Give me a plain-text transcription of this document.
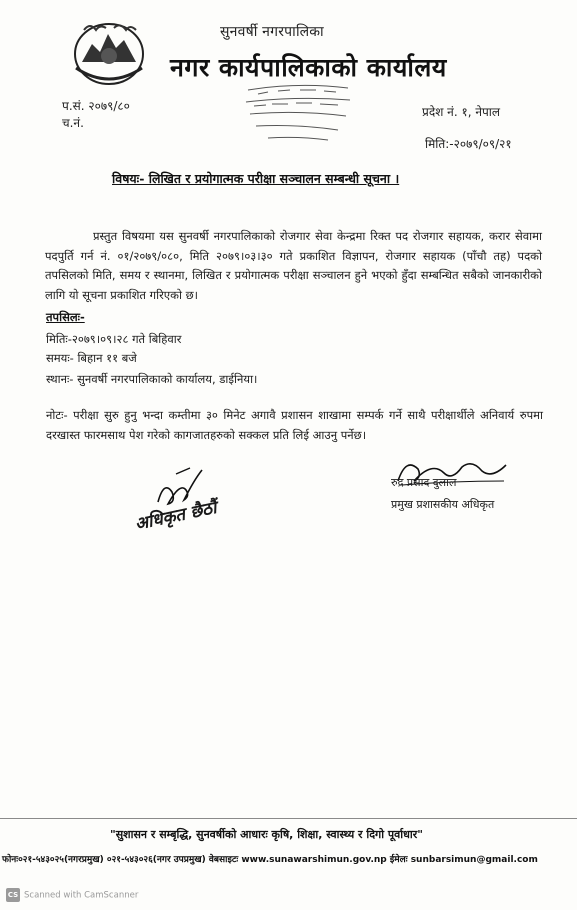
सुनवर्षी नगरपालिका
नगर कार्यपालिकाको कार्यालय
प.सं. २०७९/८०
च.नं.
प्रदेश नं. १, नेपाल
मिति:-२०७९/०९/२१
विषयः- लिखित र प्रयोगात्मक परीक्षा सञ्चालन सम्बन्धी सूचना ।
प्रस्तुत विषयमा यस सुनवर्षी नगरपालिकाको रोजगार सेवा केन्द्रमा रिक्त पद रोजगार सहायक, करार सेवामा पदपुर्ति गर्न नं. ०१/२०७९/०८०, मिति २०७९।०३।३० गते प्रकाशित विज्ञापन, रोजगार सहायक (पाँचौ तह) पदको तपसिलको मिति, समय र स्थानमा, लिखित र प्रयोगात्मक परीक्षा सञ्चालन हुने भएको हुँदा सम्बन्धित सबैको जानकारीको लागि यो सूचना प्रकाशित गरिएको छ।
तपसिलः-
मितिः-२०७९।०९।२८ गते बिहिवार
समयः- बिहान ११ बजे
स्थानः- सुनवर्षी नगरपालिकाको कार्यालय, डाईनिया।
नोटः- परीक्षा सुरु हुनु भन्दा कम्तीमा ३० मिनेट अगावै प्रशासन शाखामा सम्पर्क गर्ने साथै परीक्षार्थीले अनिवार्य रुपमा दरखास्त फारमसाथ पेश गरेको कागजातहरुको सक्कल प्रति लिई आउनु पर्नेछ।
रुद्र प्रसाद दुलाल
प्रमुख प्रशासकीय अधिकृत
अधिकृत छैठौं
"सुशासन र सम्बृद्धि, सुनवर्षीको आधारः कृषि, शिक्षा, स्वास्थ्य र दिगो पूर्वाधार"
फोनः०२१-५४३०२५(नगरप्रमुख) ०२१-५४३०२६(नगर उपप्रमुख) वेबसाइटः www.sunawarshimun.gov.np ईमेलः sunbarsimun@gmail.com
CS Scanned with CamScanner
